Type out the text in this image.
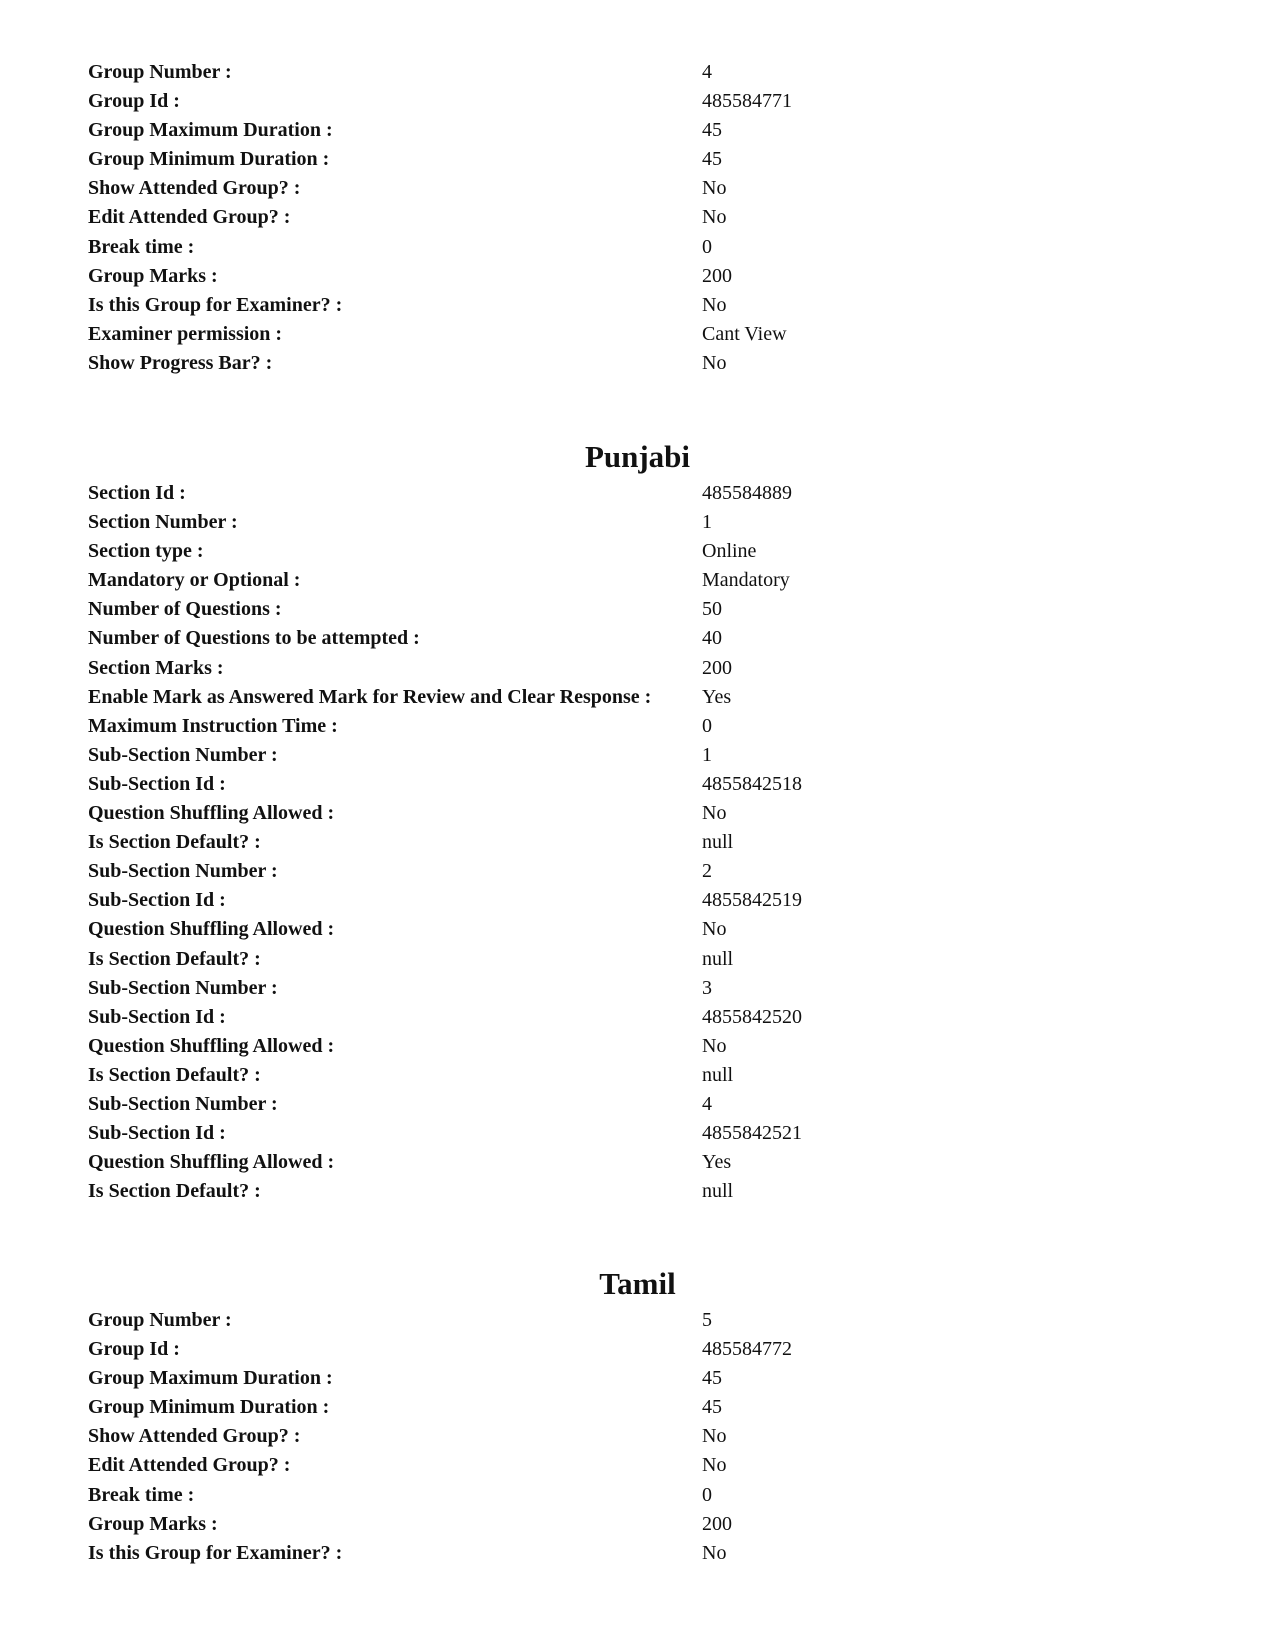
Group Number :	4
Group Id :	485584771
Group Maximum Duration :	45
Group Minimum Duration :	45
Show Attended Group? :	No
Edit Attended Group? :	No
Break time :	0
Group Marks :	200
Is this Group for Examiner? :	No
Examiner permission :	Cant View
Show Progress Bar? :	No
Punjabi
Section Id :	485584889
Section Number :	1
Section type :	Online
Mandatory or Optional :	Mandatory
Number of Questions :	50
Number of Questions to be attempted :	40
Section Marks :	200
Enable Mark as Answered Mark for Review and Clear Response :	Yes
Maximum Instruction Time :	0
Sub-Section Number :	1
Sub-Section Id :	4855842518
Question Shuffling Allowed :	No
Is Section Default? :	null
Sub-Section Number :	2
Sub-Section Id :	4855842519
Question Shuffling Allowed :	No
Is Section Default? :	null
Sub-Section Number :	3
Sub-Section Id :	4855842520
Question Shuffling Allowed :	No
Is Section Default? :	null
Sub-Section Number :	4
Sub-Section Id :	4855842521
Question Shuffling Allowed :	Yes
Is Section Default? :	null
Tamil
Group Number :	5
Group Id :	485584772
Group Maximum Duration :	45
Group Minimum Duration :	45
Show Attended Group? :	No
Edit Attended Group? :	No
Break time :	0
Group Marks :	200
Is this Group for Examiner? :	No
